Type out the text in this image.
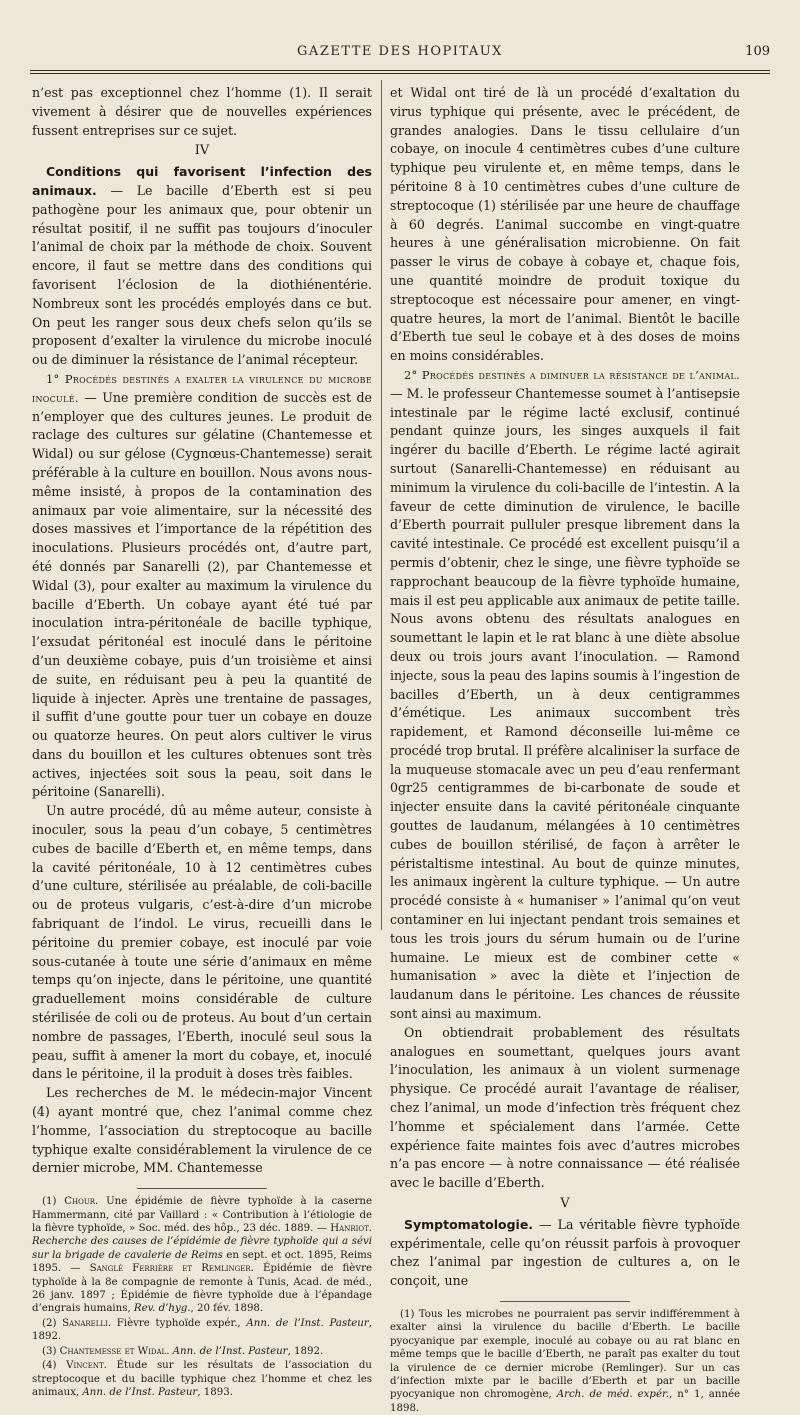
GAZETTE DES HOPITAUX	109

n’est pas exceptionnel chez l’homme (1). Il serait vivement à désirer que de nouvelles expériences fussent entreprises sur ce sujet.

IV

Conditions qui favorisent l’infection des animaux. — Le bacille d’Eberth est si peu pathogène pour les animaux que, pour obtenir un résultat positif, il ne suffit pas toujours d’inoculer l’animal de choix par la méthode de choix. Souvent encore, il faut se mettre dans des conditions qui favorisent l’éclosion de la diothiénentérie. Nombreux sont les procédés employés dans ce but. On peut les ranger sous deux chefs selon qu’ils se proposent d’exalter la virulence du microbe inoculé ou de diminuer la résistance de l’animal récepteur.

1° Procédés destinés a exalter la virulence du microbe inoculé. — Une première condition de succès est de n’employer que des cultures jeunes. Le produit de raclage des cultures sur gélatine (Chantemesse et Widal) ou sur gélose (Cygnœus-Chantemesse) serait préférable à la culture en bouillon. Nous avons nous-même insisté, à propos de la contamination des animaux par voie alimentaire, sur la nécessité des doses massives et l’importance de la répétition des inoculations. Plusieurs procédés ont, d’autre part, été donnés par Sanarelli (2), par Chantemesse et Widal (3), pour exalter au maximum la virulence du bacille d’Eberth. Un cobaye ayant été tué par inoculation intra-péritonéale de bacille typhique, l’exsudat péritonéal est inoculé dans le péritoine d’un deuxième cobaye, puis d’un troisième et ainsi de suite, en réduisant peu à peu la quantité de liquide à injecter. Après une trentaine de passages, il suffit d’une goutte pour tuer un cobaye en douze ou quatorze heures. On peut alors cultiver le virus dans du bouillon et les cultures obtenues sont très actives, injectées soit sous la peau, soit dans le péritoine (Sanarelli).

Un autre procédé, dû au même auteur, consiste à inoculer, sous la peau d’un cobaye, 5 centimètres cubes de bacille d’Eberth et, en même temps, dans la cavité péritonéale, 10 à 12 centimètres cubes d’une culture, stérilisée au préalable, de coli-bacille ou de proteus vulgaris, c’est-à-dire d’un microbe fabriquant de l’indol. Le virus, recueilli dans le péritoine du premier cobaye, est inoculé par voie sous-cutanée à toute une série d’animaux en même temps qu’on injecte, dans le péritoine, une quantité graduellement moins considérable de culture stérilisée de coli ou de proteus. Au bout d’un certain nombre de passages, l’Eberth, inoculé seul sous la peau, suffit à amener la mort du cobaye, et, inoculé dans le péritoine, il la produit à doses très faibles.

Les recherches de M. le médecin-major Vincent (4) ayant montré que, chez l’animal comme chez l’homme, l’association du streptocoque au bacille typhique exalte considérablement la virulence de ce dernier microbe, MM. Chantemesse

(1) Chour. Une épidémie de fièvre typhoïde à la caserne Hammermann, cité par Vaillard : « Contribution à l’étiologie de la fièvre typhoïde, » Soc. méd. des hôp., 23 déc. 1889. — Hanriot. Recherche des causes de l’épidémie de fièvre typhoïde qui a sévi sur la brigade de cavalerie de Reims en sept. et oct. 1895, Reims 1895. — Sanglé Ferrière et Remlinger. Épidémie de fièvre typhoïde à la 8e compagnie de remonte à Tunis, Acad. de méd., 26 janv. 1897 ; Épidémie de fièvre typhoïde due à l’épandage d’engrais humains, Rev. d’hyg., 20 fév. 1898.
(2) Sanarelli. Fièvre typhoïde expér., Ann. de l’Inst. Pasteur, 1892.
(3) Chantemesse et Widal. Ann. de l’Inst. Pasteur, 1892.
(4) Vincent. Étude sur les résultats de l’association du streptocoque et du bacille typhique chez l’homme et chez les animaux, Ann. de l’Inst. Pasteur, 1893.

et Widal ont tiré de là un procédé d’exaltation du virus typhique qui présente, avec le précédent, de grandes analogies. Dans le tissu cellulaire d’un cobaye, on inocule 4 centimètres cubes d’une culture typhique peu virulente et, en même temps, dans le péritoine 8 à 10 centimètres cubes d’une culture de streptocoque (1) stérilisée par une heure de chauffage à 60 degrés. L’animal succombe en vingt-quatre heures à une généralisation microbienne. On fait passer le virus de cobaye à cobaye et, chaque fois, une quantité moindre de produit toxique du streptocoque est nécessaire pour amener, en vingt-quatre heures, la mort de l’animal. Bientôt le bacille d’Eberth tue seul le cobaye et à des doses de moins en moins considérables.

2° Procédés destinés a diminuer la résistance de l’animal. — M. le professeur Chantemesse soumet à l’antisepsie intestinale par le régime lacté exclusif, continué pendant quinze jours, les singes auxquels il fait ingérer du bacille d’Eberth. Le régime lacté agirait surtout (Sanarelli-Chantemesse) en réduisant au minimum la virulence du coli-bacille de l’intestin. A la faveur de cette diminution de virulence, le bacille d’Eberth pourrait pulluler presque librement dans la cavité intestinale. Ce procédé est excellent puisqu’il a permis d’obtenir, chez le singe, une fièvre typhoïde se rapprochant beaucoup de la fièvre typhoïde humaine, mais il est peu applicable aux animaux de petite taille. Nous avons obtenu des résultats analogues en soumettant le lapin et le rat blanc à une diète absolue deux ou trois jours avant l’inoculation. — Ramond injecte, sous la peau des lapins soumis à l’ingestion de bacilles d’Eberth, un à deux centigrammes d’émétique. Les animaux succombent très rapidement, et Ramond déconseille lui-même ce procédé trop brutal. Il préfère alcaliniser la surface de la muqueuse stomacale avec un peu d’eau renfermant 0gr25 centigrammes de bi-carbonate de soude et injecter ensuite dans la cavité péritonéale cinquante gouttes de laudanum, mélangées à 10 centimètres cubes de bouillon stérilisé, de façon à arrêter le péristaltisme intestinal. Au bout de quinze minutes, les animaux ingèrent la culture typhique. — Un autre procédé consiste à « humaniser » l’animal qu’on veut contaminer en lui injectant pendant trois semaines et tous les trois jours du sérum humain ou de l’urine humaine. Le mieux est de combiner cette « humanisation » avec la diète et l’injection de laudanum dans le péritoine. Les chances de réussite sont ainsi au maximum.

On obtiendrait probablement des résultats analogues en soumettant, quelques jours avant l’inoculation, les animaux à un violent surmenage physique. Ce procédé aurait l’avantage de réaliser, chez l’animal, un mode d’infection très fréquent chez l’homme et spécialement dans l’armée. Cette expérience faite maintes fois avec d’autres microbes n’a pas encore — à notre connaissance — été réalisée avec le bacille d’Eberth.

V

Symptomatologie. — La véritable fièvre typhoïde expérimentale, celle qu’on réussit parfois à provoquer chez l’animal par ingestion de cultures a, on le conçoit, une

(1) Tous les microbes ne pourraient pas servir indifféremment à exalter ainsi la virulence du bacille d’Eberth. Le bacille pyocyanique par exemple, inoculé au cobaye ou au rat blanc en même temps que le bacille d’Eberth, ne paraît pas exalter du tout la virulence de ce dernier microbe (Remlinger). Sur un cas d’infection mixte par le bacille d’Eberth et par un bacille pyocyanique non chromogène, Arch. de méd. expér., n° 1, année 1898.
